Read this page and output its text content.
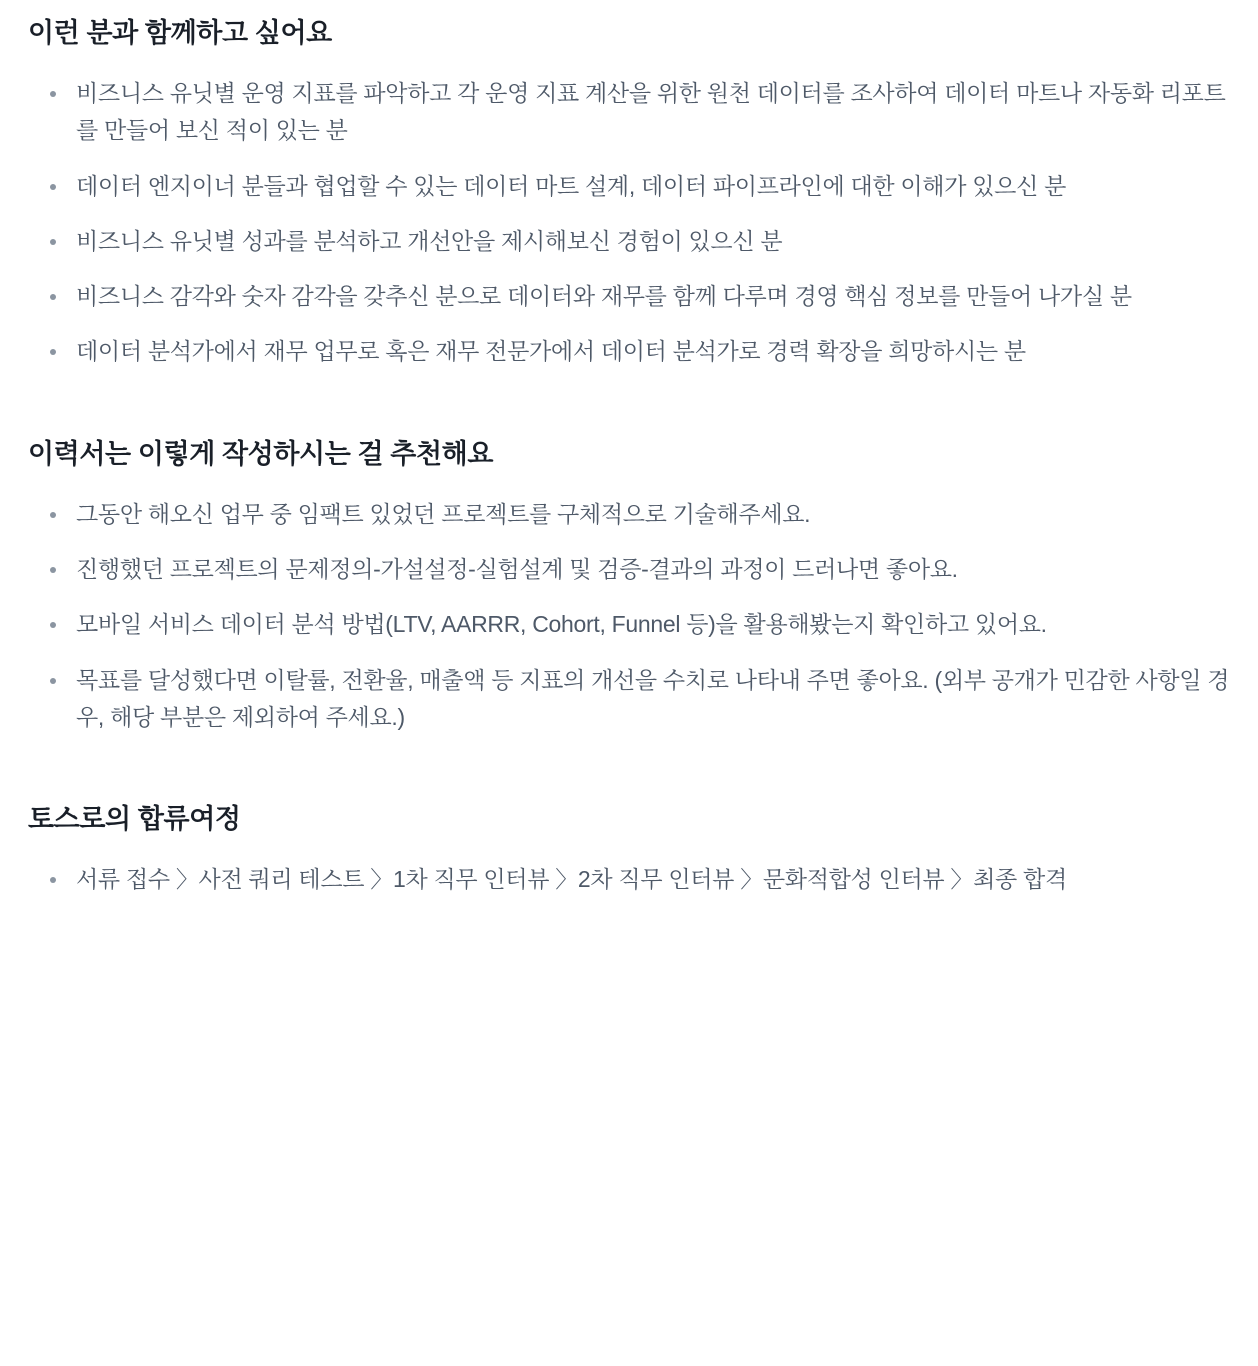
이런 분과 함께하고 싶어요
비즈니스 유닛별 운영 지표를 파악하고 각 운영 지표 계산을 위한 원천 데이터를 조사하여 데이터 마트나 자동화 리포트를 만들어 보신 적이 있는 분
데이터 엔지이너 분들과 협업할 수 있는 데이터 마트 설계, 데이터 파이프라인에 대한 이해가 있으신 분
비즈니스 유닛별 성과를 분석하고 개선안을 제시해보신 경험이 있으신 분
비즈니스 감각와 숫자 감각을 갖추신 분으로 데이터와 재무를 함께 다루며 경영 핵심 정보를 만들어 나가실 분
데이터 분석가에서 재무 업무로 혹은 재무 전문가에서 데이터 분석가로 경력 확장을 희망하시는 분
이력서는 이렇게 작성하시는 걸 추천해요
그동안 해오신 업무 중 임팩트 있었던 프로젝트를 구체적으로 기술해주세요.
진행했던 프로젝트의 문제정의-가설설정-실험설계 및 검증-결과의 과정이 드러나면 좋아요.
모바일 서비스 데이터 분석 방법(LTV, AARRR, Cohort, Funnel 등)을 활용해봤는지 확인하고 있어요.
목표를 달성했다면 이탈률, 전환율, 매출액 등 지표의 개선을 수치로 나타내 주면 좋아요. (외부 공개가 민감한 사항일 경우, 해당 부분은 제외하여 주세요.)
토스로의 합류여정
서류 접수 〉사전 쿼리 테스트 〉1차 직무 인터뷰 〉2차 직무 인터뷰 〉문화적합성 인터뷰 〉최종 합격
